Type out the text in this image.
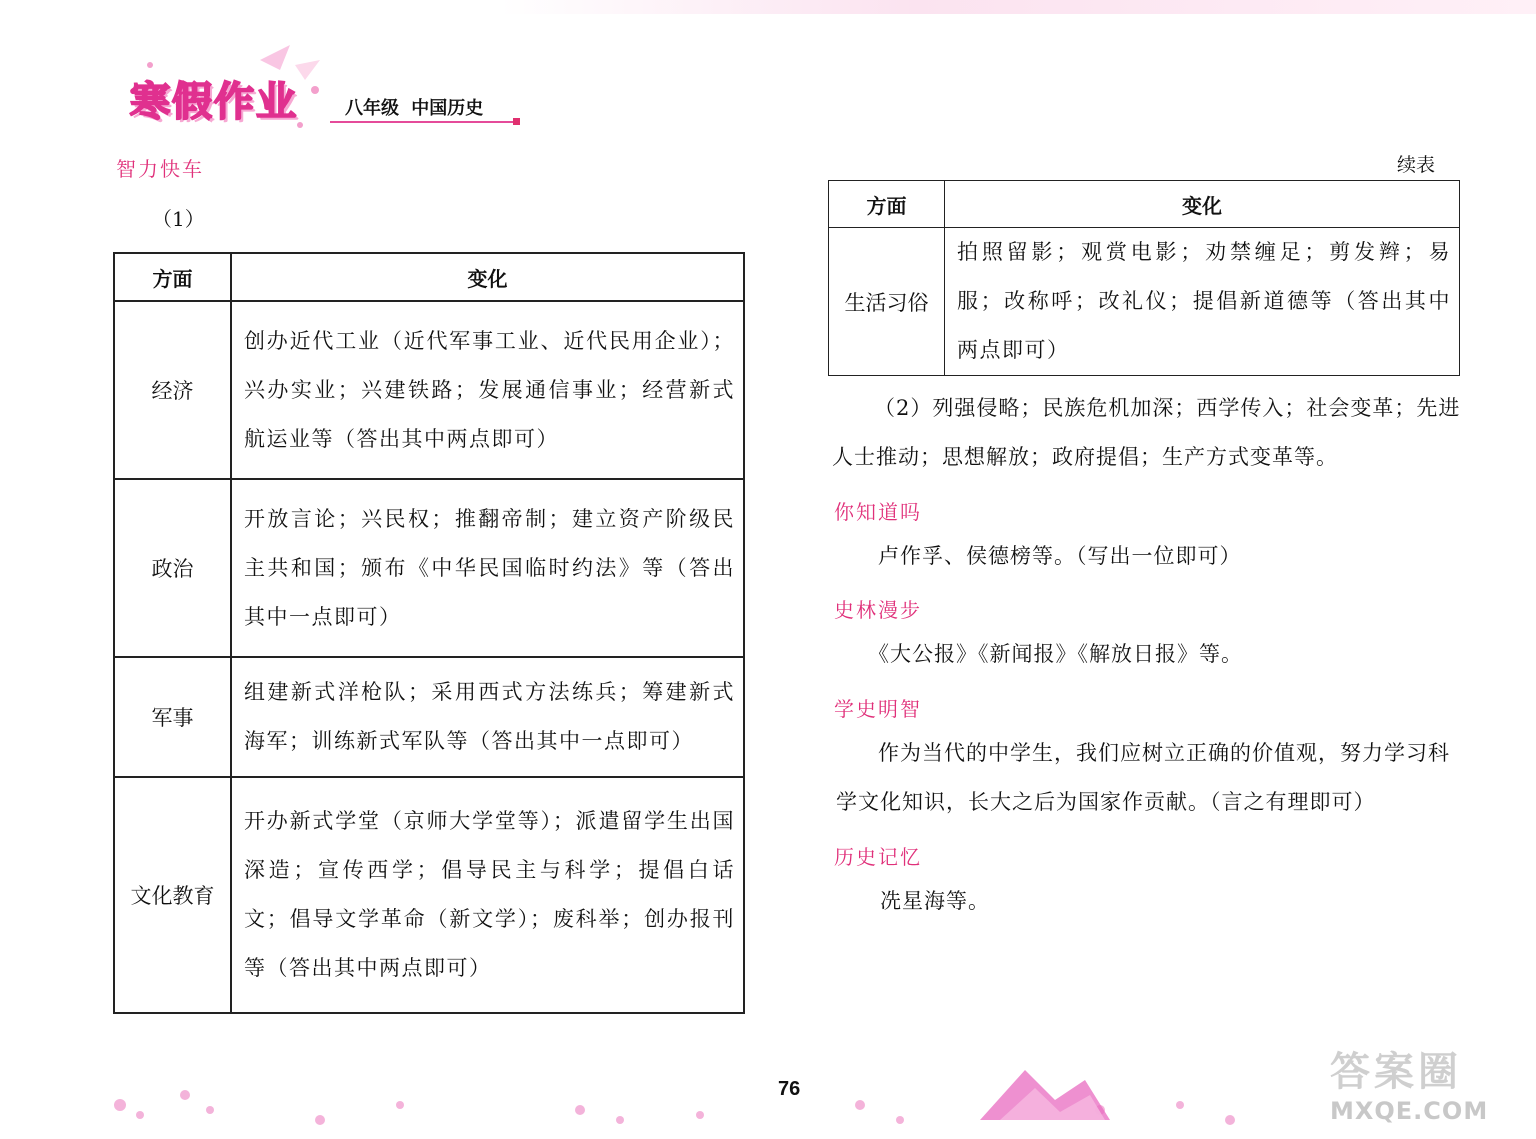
寒假作业	八年级 中国历史
智力快车
（1）
方面	变化
经济	创办近代工业（近代军事工业、近代民用企业）；兴办实业；兴建铁路；发展通信事业；经营新式航运业等（答出其中两点即可）
政治	开放言论；兴民权；推翻帝制；建立资产阶级民主共和国；颁布《中华民国临时约法》等（答出其中一点即可）
军事	组建新式洋枪队；采用西式方法练兵；筹建新式海军；训练新式军队等（答出其中一点即可）
文化教育	开办新式学堂（京师大学堂等）；派遣留学生出国深造；宣传西学；倡导民主与科学；提倡白话文；倡导文学革命（新文学）；废科举；创办报刊等（答出其中两点即可）
续表
方面	变化
生活习俗	拍照留影；观赏电影；劝禁缠足；剪发辫；易服；改称呼；改礼仪；提倡新道德等（答出其中两点即可）
（2）列强侵略；民族危机加深；西学传入；社会变革；先进人士推动；思想解放；政府提倡；生产方式变革等。
你知道吗
卢作孚、侯德榜等。（写出一位即可）
史林漫步
《大公报》《新闻报》《解放日报》等。
学史明智
作为当代的中学生，我们应树立正确的价值观，努力学习科学文化知识，长大之后为国家作贡献。（言之有理即可）
历史记忆
冼星海等。
76	答案圈
MXQE.COM
